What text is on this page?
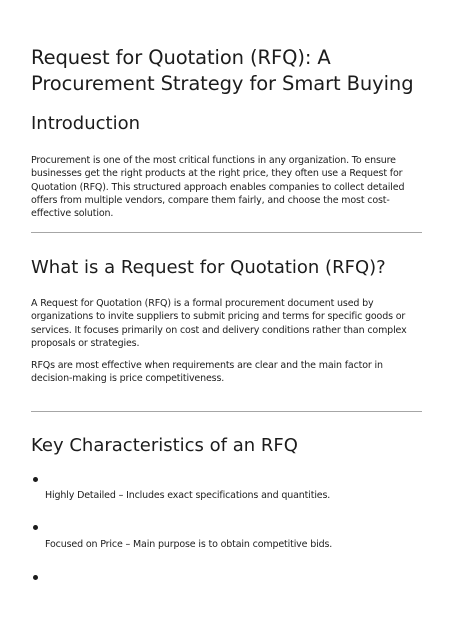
Request for Quotation (RFQ): A Procurement Strategy for Smart Buying
Introduction

Procurement is one of the most critical functions in any organization. To ensure businesses get the right products at the right price, they often use a Request for Quotation (RFQ). This structured approach enables companies to collect detailed offers from multiple vendors, compare them fairly, and choose the most cost-effective solution.

What is a Request for Quotation (RFQ)?

A Request for Quotation (RFQ) is a formal procurement document used by organizations to invite suppliers to submit pricing and terms for specific goods or services. It focuses primarily on cost and delivery conditions rather than complex proposals or strategies.

RFQs are most effective when requirements are clear and the main factor in decision-making is price competitiveness.

Key Characteristics of an RFQ
Highly Detailed – Includes exact specifications and quantities.
Focused on Price – Main purpose is to obtain competitive bids.
